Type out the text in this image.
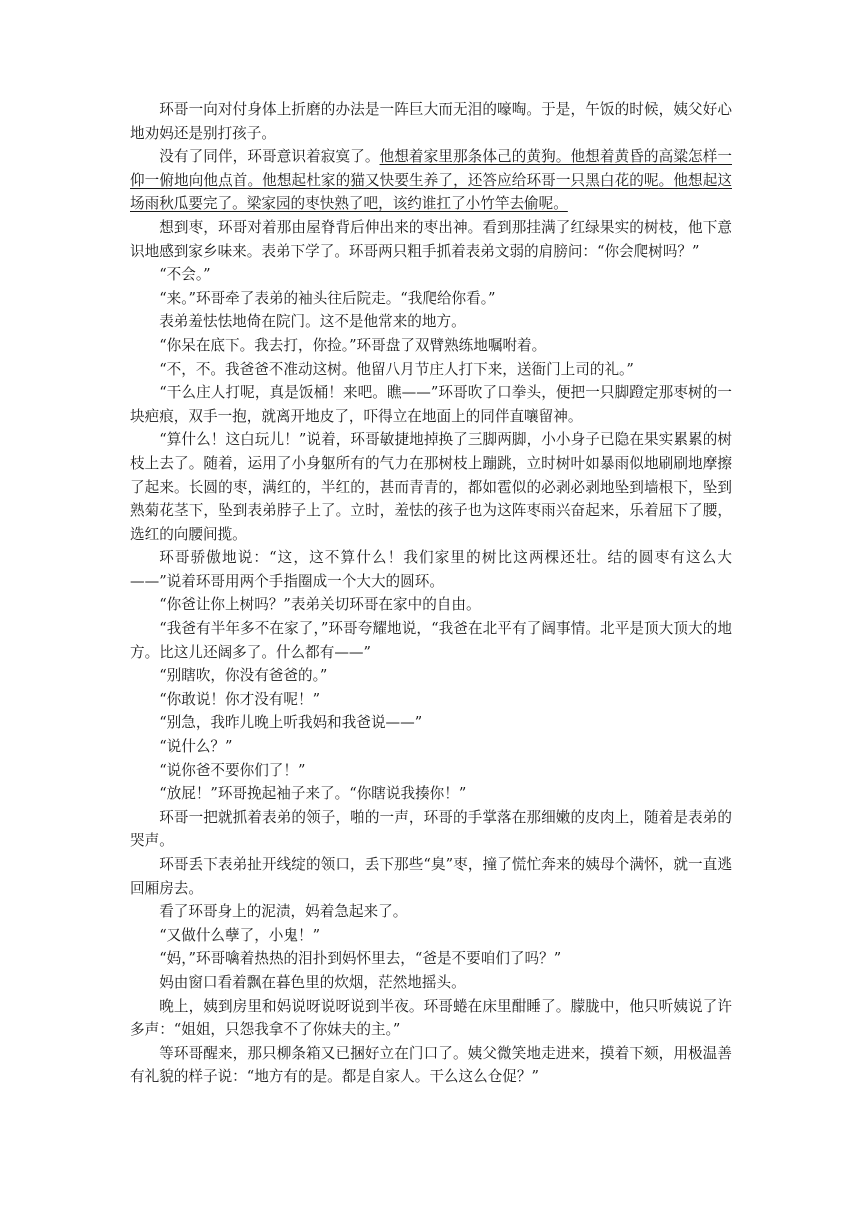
环哥一向对付身体上折磨的办法是一阵巨大而无泪的嚎啕。于是，午饭的时候，姨父好心地劝妈还是别打孩子。

没有了同伴，环哥意识着寂寞了。他想着家里那条体己的黄狗。他想着黄昏的高粱怎样一仰一俯地向他点首。他想起杜家的猫又快要生养了，还答应给环哥一只黑白花的呢。他想起这场雨秋瓜要完了。梁家园的枣快熟了吧，该约谁扛了小竹竿去偷呢。

想到枣，环哥对着那由屋脊背后伸出来的枣出神。看到那挂满了红绿果实的树枝，他下意识地感到家乡味来。表弟下学了。环哥两只粗手抓着表弟文弱的肩膀问：“你会爬树吗？”

“不会。”

“来。”环哥牵了表弟的袖头往后院走。“我爬给你看。”

表弟羞怯怯地倚在院门。这不是他常来的地方。

“你呆在底下。我去打，你捡。”环哥盘了双臂熟练地嘱咐着。

“不，不。我爸爸不准动这树。他留八月节庄人打下来，送衙门上司的礼。”

“干么庄人打呢，真是饭桶！来吧。瞧——”环哥吹了口拳头，便把一只脚蹬定那枣树的一块疤痕，双手一抱，就离开地皮了，吓得立在地面上的同伴直嚷留神。

“算什么！这白玩儿！”说着，环哥敏捷地掉换了三脚两脚，小小身子已隐在果实累累的树枝上去了。随着，运用了小身躯所有的气力在那树枝上蹦跳，立时树叶如暴雨似地刷刷地摩擦了起来。长圆的枣，满红的，半红的，甚而青青的，都如雹似的必剥必剥地坠到墙根下，坠到熟菊花茎下，坠到表弟脖子上了。立时，羞怯的孩子也为这阵枣雨兴奋起来，乐着屈下了腰，选红的向腰间揽。

环哥骄傲地说：“这，这不算什么！我们家里的树比这两棵还壮。结的圆枣有这么大——”说着环哥用两个手指圈成一个大大的圆环。

“你爸让你上树吗？”表弟关切环哥在家中的自由。

“我爸有半年多不在家了，”环哥夸耀地说，“我爸在北平有了阔事情。北平是顶大顶大的地方。比这儿还阔多了。什么都有——”

“别瞎吹，你没有爸爸的。”

“你敢说！你才没有呢！”

“别急，我昨儿晚上听我妈和我爸说——”

“说什么？”

“说你爸不要你们了！”

“放屁！”环哥挽起袖子来了。“你瞎说我揍你！”

环哥一把就抓着表弟的领子，啪的一声，环哥的手掌落在那细嫩的皮肉上，随着是表弟的哭声。

环哥丢下表弟扯开线绽的领口，丢下那些“臭”枣，撞了慌忙奔来的姨母个满怀，就一直逃回厢房去。

看了环哥身上的泥渍，妈着急起来了。

“又做什么孽了，小鬼！”

“妈，”环哥噙着热热的泪扑到妈怀里去，“爸是不要咱们了吗？”

妈由窗口看着飘在暮色里的炊烟，茫然地摇头。

晚上，姨到房里和妈说呀说呀说到半夜。环哥蜷在床里酣睡了。朦胧中，他只听姨说了许多声：“姐姐，只怨我拿不了你妹夫的主。”

等环哥醒来，那只柳条箱又已捆好立在门口了。姨父微笑地走进来，摸着下颏，用极温善有礼貌的样子说：“地方有的是。都是自家人。干么这么仓促？”
